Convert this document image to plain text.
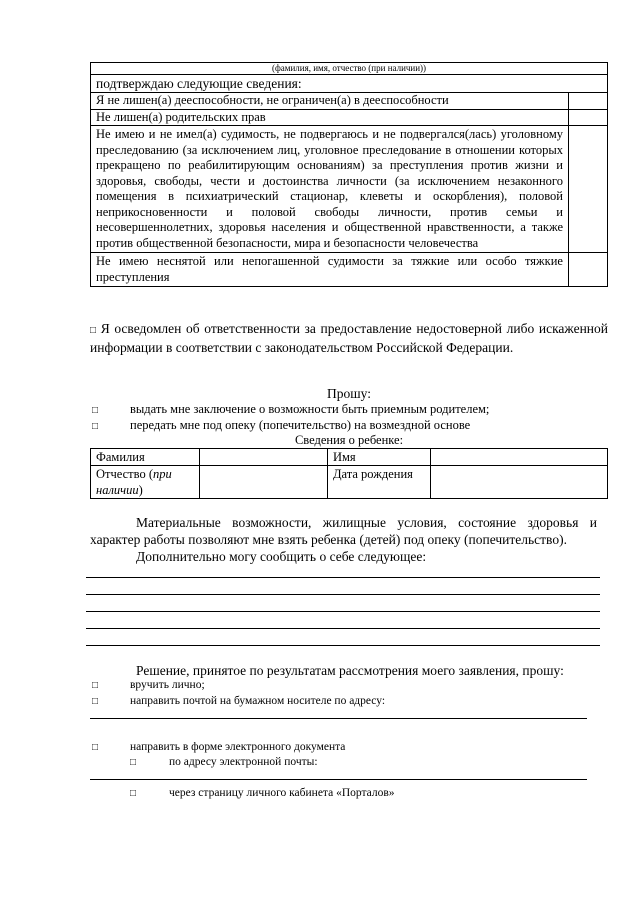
(фамилия, имя, отчество (при наличии))	
подтверждаю следующие сведения:	
Я не лишен(а) дееспособности, не ограничен(а) в дееспособности	
Не лишен(а) родительских прав	
Не имею и не имел(а) судимость, не подвергаюсь и не подвергался(лась) уголовному преследованию (за исключением лиц, уголовное преследование в отношении которых прекращено по реабилитирующим основаниям) за преступления против жизни и здоровья, свободы, чести и достоинства личности (за исключением незаконного помещения в психиатрический стационар, клеветы и оскорбления), половой неприкосновенности и половой свободы личности, против семьи и несовершеннолетних, здоровья населения и общественной нравственности, а также против общественной безопасности, мира и безопасности человечества	
Не имею неснятой или непогашенной судимости за тяжкие или особо тяжкие преступления	
□ Я осведомлен об ответственности за предоставление недостоверной либо искаженной информации в соответствии с законодательством Российской Федерации.
Прошу:
□	выдать мне заключение о возможности быть приемным родителем;
□	передать мне под опеку (попечительство) на возмездной основе
Сведения о ребенке:
Фамилия		Имя	
Отчество (при
наличии)		Дата рождения	
Материальные возможности, жилищные условия, состояние здоровья и характер работы позволяют мне взять ребенка (детей) под опеку (попечительство).
Дополнительно могу сообщить о себе следующее:
Решение, принятое по результатам рассмотрения моего заявления, прошу:
□	вручить лично;
□	направить почтой на бумажном носителе по адресу:
□	направить в форме электронного документа
□	по адресу электронной почты:
□	через страницу личного кабинета «Порталов»
